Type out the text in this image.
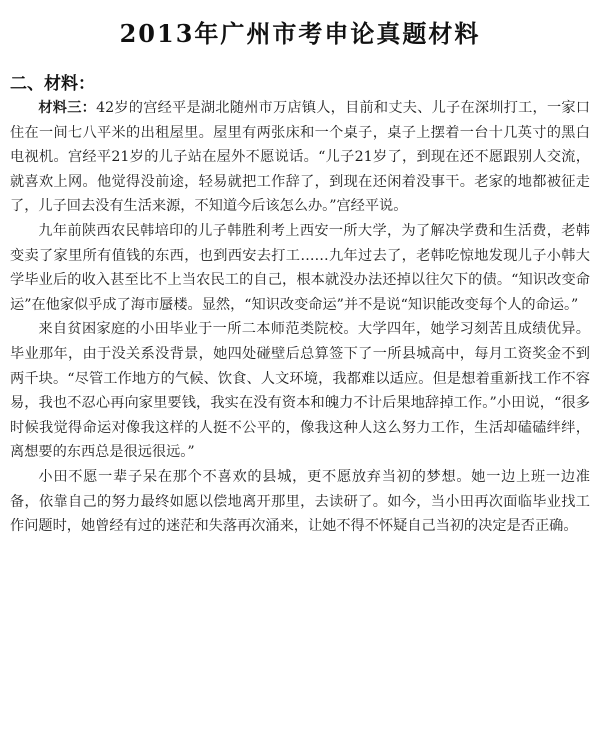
2013年广州市考申论真题材料
二、材料：

材料三：42岁的宫经平是湖北随州市万店镇人，目前和丈夫、儿子在深圳打工，一家口住在一间七八平米的出租屋里。屋里有两张床和一个桌子，桌子上摆着一台十几英寸的黑白电视机。宫经平21岁的儿子站在屋外不愿说话。“儿子21岁了，到现在还不愿跟别人交流，就喜欢上网。他觉得没前途，轻易就把工作辞了，到现在还闲着没事干。老家的地都被征走了，儿子回去没有生活来源，不知道今后该怎么办。”宫经平说。

九年前陕西农民韩培印的儿子韩胜利考上西安一所大学，为了解决学费和生活费，老韩变卖了家里所有值钱的东西，也到西安去打工……九年过去了，老韩吃惊地发现儿子小韩大学毕业后的收入甚至比不上当农民工的自己，根本就没办法还掉以往欠下的债。“知识改变命运”在他家似乎成了海市蜃楼。显然，“知识改变命运”并不是说“知识能改变每个人的命运。”

来自贫困家庭的小田毕业于一所二本师范类院校。大学四年，她学习刻苦且成绩优异。毕业那年，由于没关系没背景，她四处碰壁后总算签下了一所县城高中，每月工资奖金不到两千块。“尽管工作地方的气候、饮食、人文环境，我都难以适应。但是想着重新找工作不容易，我也不忍心再向家里要钱，我实在没有资本和魄力不计后果地辞掉工作。”小田说，“很多时候我觉得命运对像我这样的人挺不公平的，像我这种人这么努力工作，生活却磕磕绊绊，离想要的东西总是很远很远。”

小田不愿一辈子呆在那个不喜欢的县城，更不愿放弃当初的梦想。她一边上班一边准备，依靠自己的努力最终如愿以偿地离开那里，去读研了。如今，当小田再次面临毕业找工作问题时，她曾经有过的迷茫和失落再次涌来，让她不得不怀疑自己当初的决定是否正确。
